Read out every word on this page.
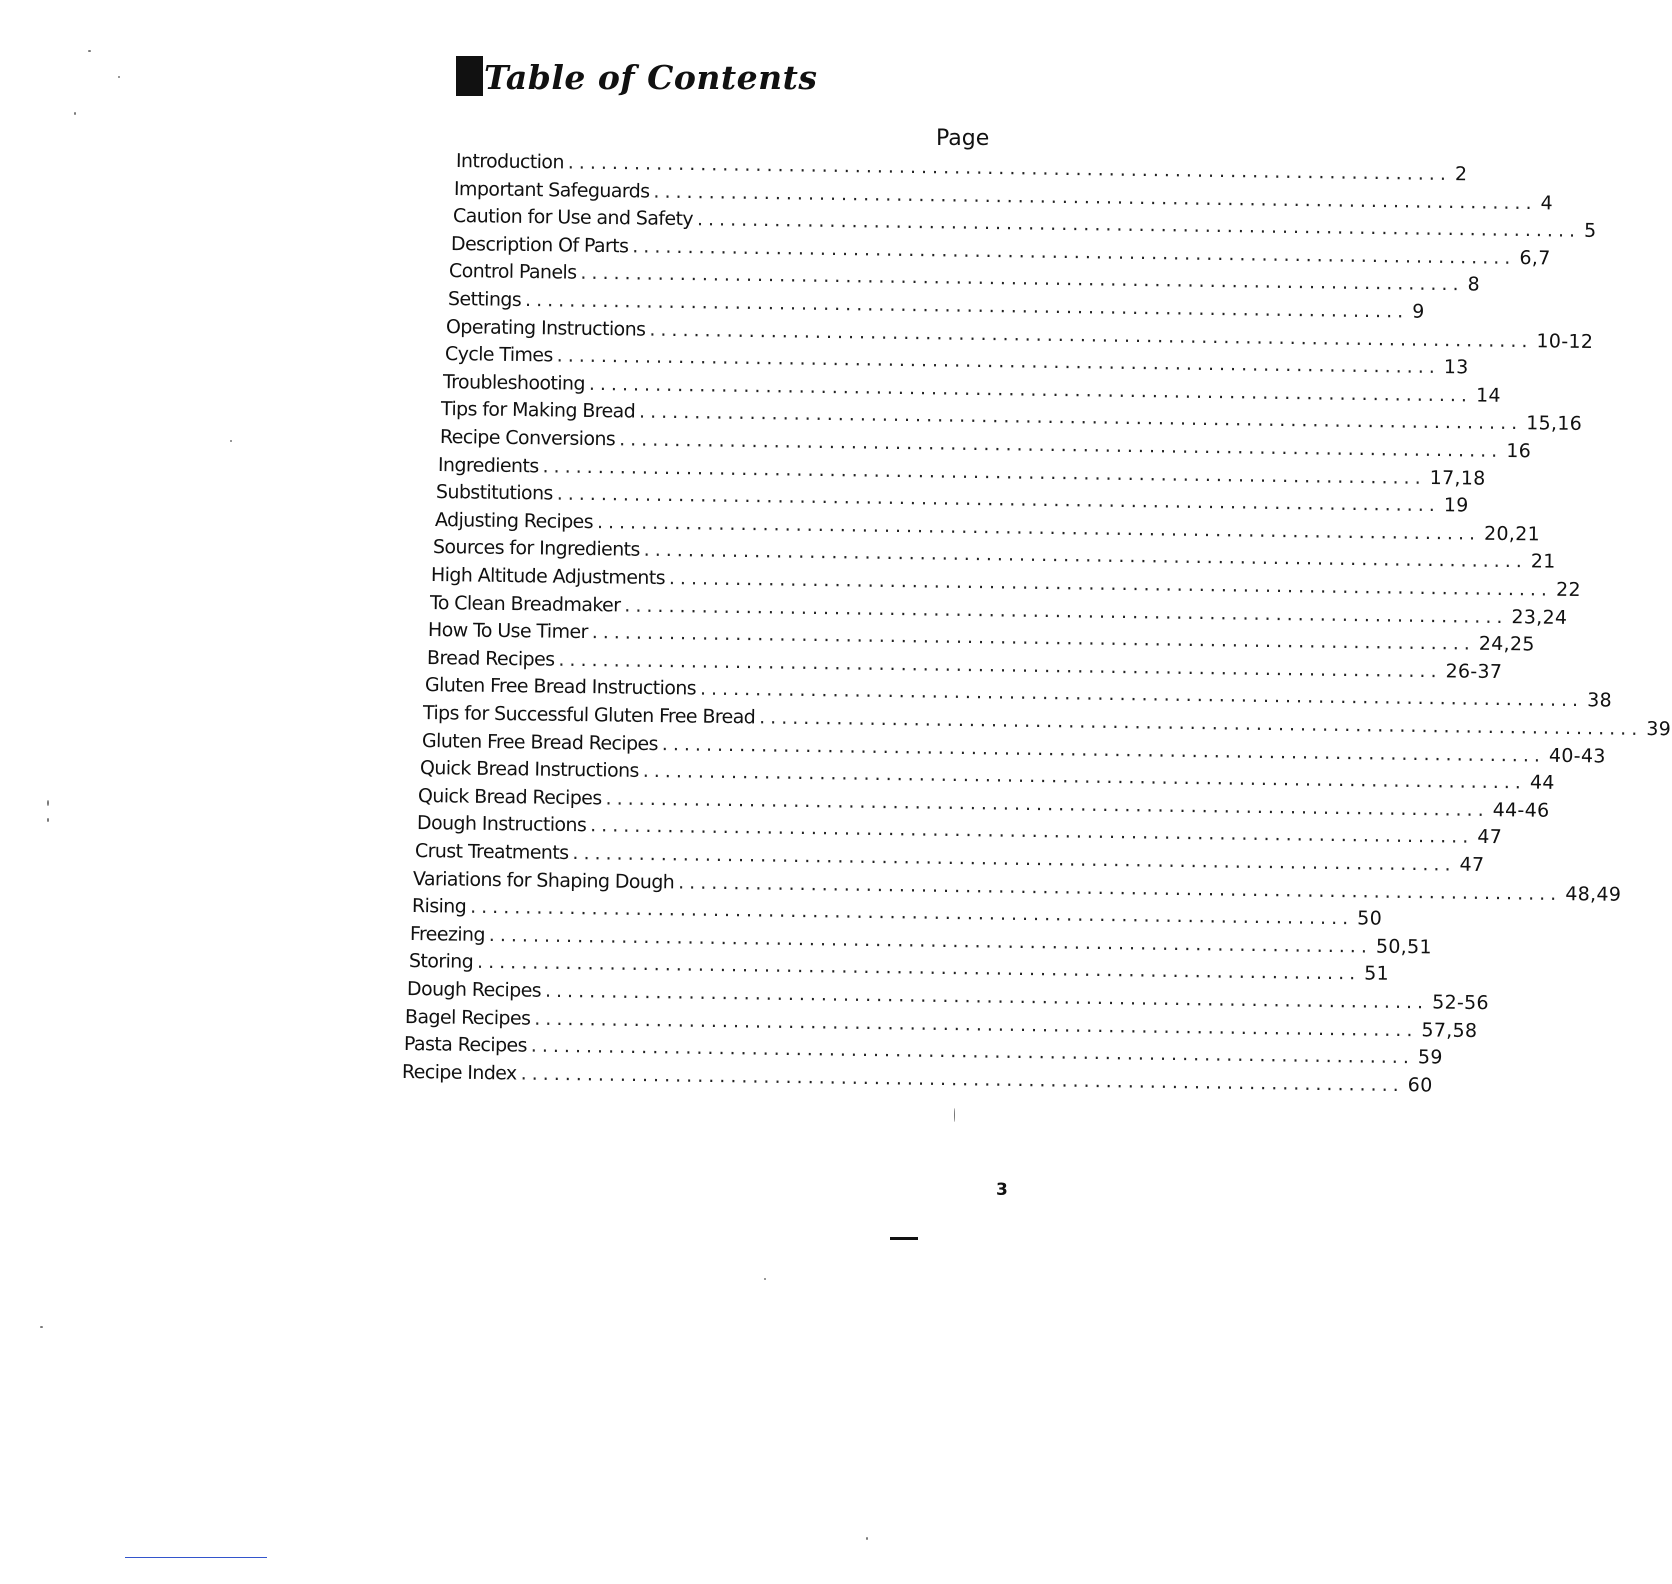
Table of Contents
Page
Introduction ................................................................................ 2
Important Safeguards ................................................................................ 4
Caution for Use and Safety ................................................................................ 5
Description Of Parts ................................................................................ 6,7
Control Panels ................................................................................ 8
Settings ................................................................................ 9
Operating Instructions ................................................................................ 10-12
Cycle Times ................................................................................ 13
Troubleshooting ................................................................................ 14
Tips for Making Bread ................................................................................ 15,16
Recipe Conversions ................................................................................ 16
Ingredients ................................................................................ 17,18
Substitutions ................................................................................ 19
Adjusting Recipes ................................................................................ 20,21
Sources for Ingredients ................................................................................ 21
High Altitude Adjustments ................................................................................ 22
To Clean Breadmaker ................................................................................ 23,24
How To Use Timer ................................................................................ 24,25
Bread Recipes ................................................................................ 26-37
Gluten Free Bread Instructions ................................................................................ 38
Tips for Successful Gluten Free Bread ................................................................................ 39
Gluten Free Bread Recipes ................................................................................ 40-43
Quick Bread Instructions ................................................................................ 44
Quick Bread Recipes ................................................................................ 44-46
Dough Instructions ................................................................................ 47
Crust Treatments ................................................................................ 47
Variations for Shaping Dough ................................................................................ 48,49
Rising ................................................................................ 50
Freezing ................................................................................ 50,51
Storing ................................................................................ 51
Dough Recipes ................................................................................ 52-56
Bagel Recipes ................................................................................ 57,58
Pasta Recipes ................................................................................ 59
Recipe Index ................................................................................ 60
3
